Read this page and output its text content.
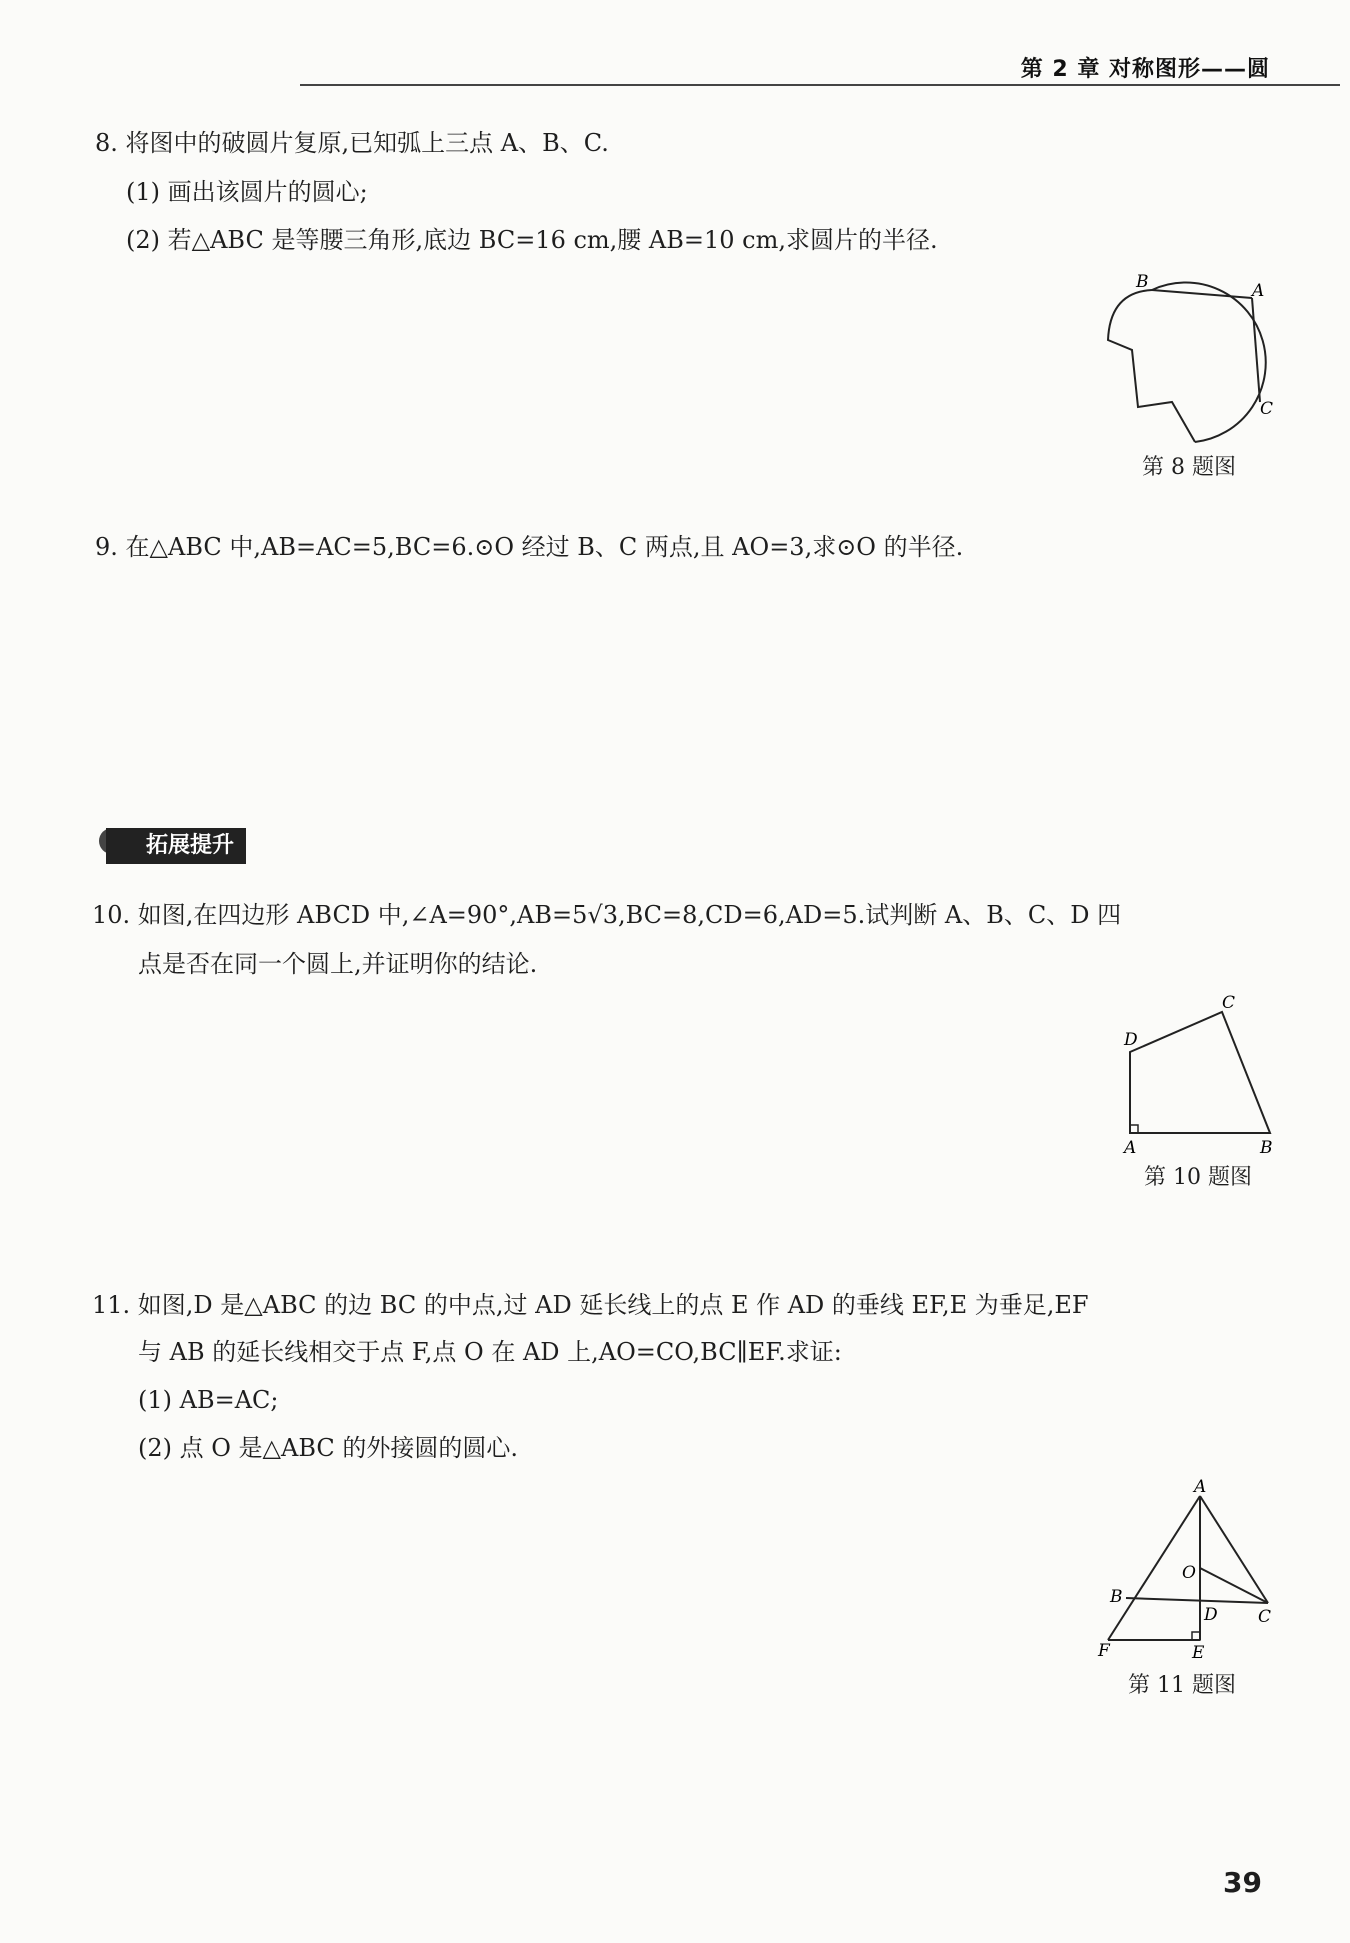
第 2 章 对称图形——圆
8. 将图中的破圆片复原,已知弧上三点 A、B、C.
(1) 画出该圆片的圆心;
(2) 若△ABC 是等腰三角形,底边 BC=16 cm,腰 AB=10 cm,求圆片的半径.
B	A
C
第 8 题图
9. 在△ABC 中,AB=AC=5,BC=6.⊙O 经过 B、C 两点,且 AO=3,求⊙O 的半径.
拓展提升
10. 如图,在四边形 ABCD 中,∠A=90°,AB=5√3,BC=8,CD=6,AD=5.试判断 A、B、C、D 四
点是否在同一个圆上,并证明你的结论.
D
C
A	B
第 10 题图
11. 如图,D 是△ABC 的边 BC 的中点,过 AD 延长线上的点 E 作 AD 的垂线 EF,E 为垂足,EF
与 AB 的延长线相交于点 F,点 O 在 AD 上,AO=CO,BC∥EF.求证:
(1) AB=AC;
(2) 点 O 是△ABC 的外接圆的圆心.
A
O
B
D C
F	E
第 11 题图
39
